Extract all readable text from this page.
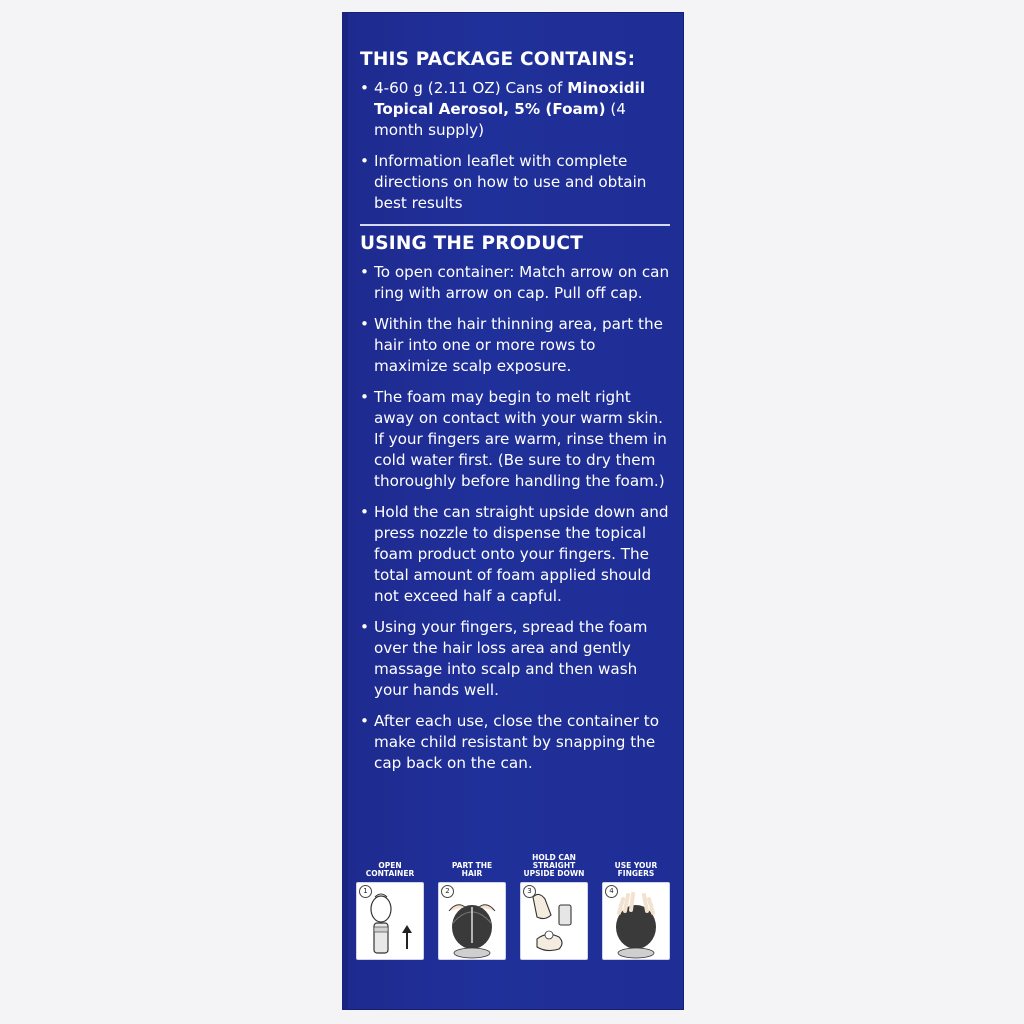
THIS PACKAGE CONTAINS:
• 4-60 g (2.11 OZ) Cans of Minoxidil Topical Aerosol, 5% (Foam) (4 month supply)
• Information leaflet with complete directions on how to use and obtain best results
USING THE PRODUCT
• To open container: Match arrow on can ring with arrow on cap. Pull off cap.
• Within the hair thinning area, part the hair into one or more rows to maximize scalp exposure.
• The foam may begin to melt right away on contact with your warm skin. If your fingers are warm, rinse them in cold water first. (Be sure to dry them thoroughly before handling the foam.)
• Hold the can straight upside down and press nozzle to dispense the topical foam product onto your fingers. The total amount of foam applied should not exceed half a capful.
• Using your fingers, spread the foam over the hair loss area and gently massage into scalp and then wash your hands well.
• After each use, close the container to make child resistant by snapping the cap back on the can.
OPEN
CONTAINER
1
PART THE
HAIR
2
HOLD CAN
STRAIGHT
UPSIDE DOWN
3
USE YOUR
FINGERS
4
